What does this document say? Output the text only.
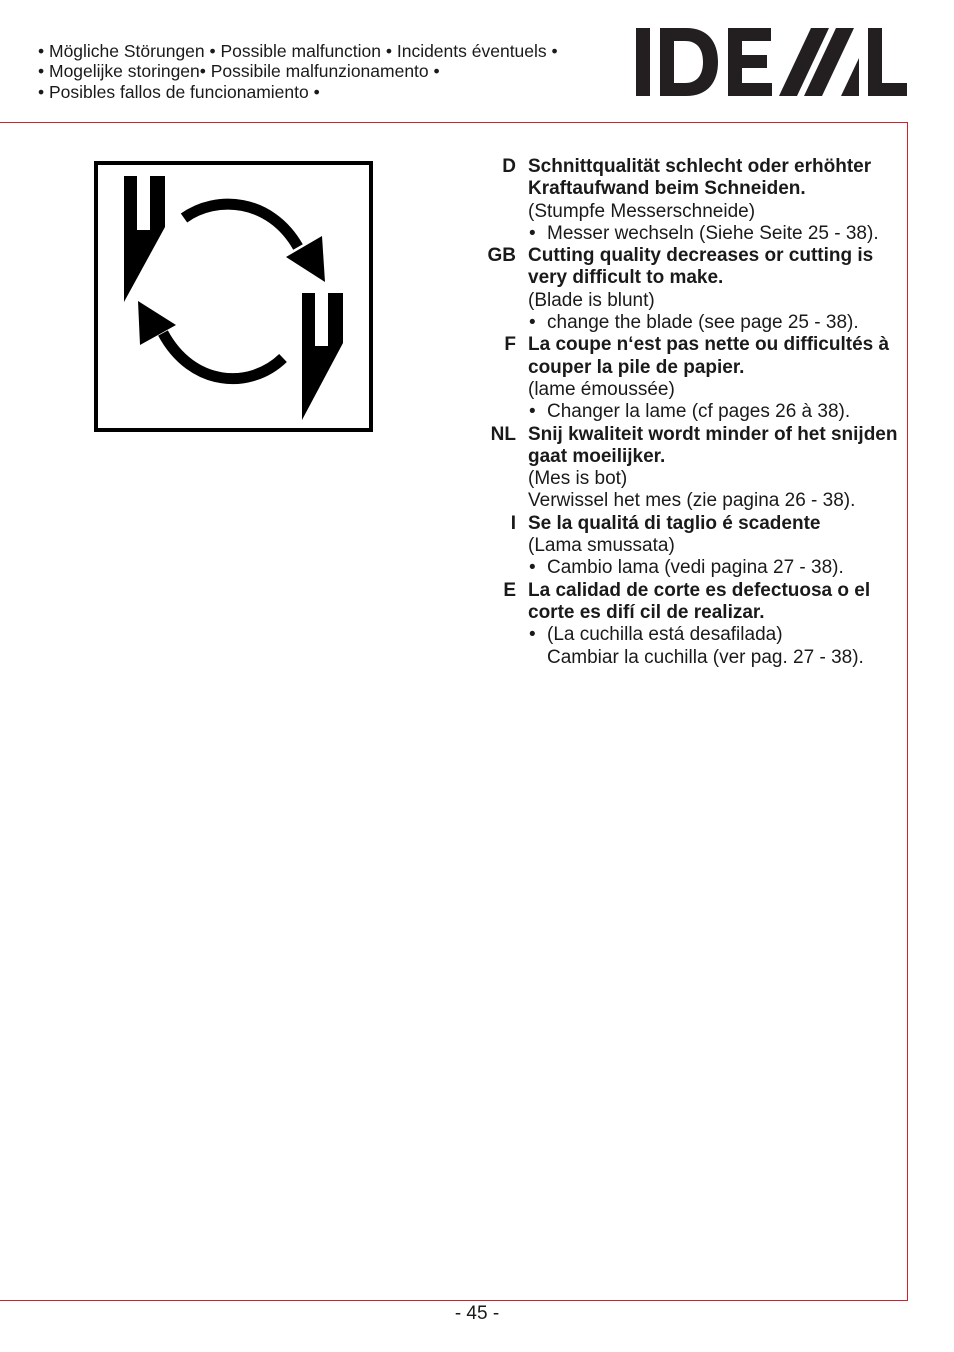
• Mögliche Störungen • Possible malfunction • Incidents éventuels •
• Mogelijke storingen• Possibile malfunzionamento •
• Posibles fallos de funcionamiento •
D Schnittqualität schlecht oder erhöhter Kraftaufwand beim Schneiden.
(Stumpfe Messerschneide)
• Messer wechseln (Siehe Seite 25 - 38).
GB Cutting quality decreases or cutting is very difficult to make.
(Blade is blunt)
• change the blade (see page 25 - 38).
F La coupe n‘est pas nette ou difficultés à couper la pile de papier.
(lame émoussée)
• Changer la lame (cf pages 26 à 38).
NL Snij kwaliteit wordt minder of het snijden gaat moeilijker.
(Mes is bot)
Verwissel het mes (zie pagina 26 - 38).
I Se la qualitá di taglio é scadente
(Lama smussata)
• Cambio lama (vedi pagina 27 - 38).
E La calidad de corte es defectuosa o el corte es difí cil de realizar.
• (La cuchilla está desafilada)
Cambiar la cuchilla (ver pag. 27 - 38).
- 45 -
